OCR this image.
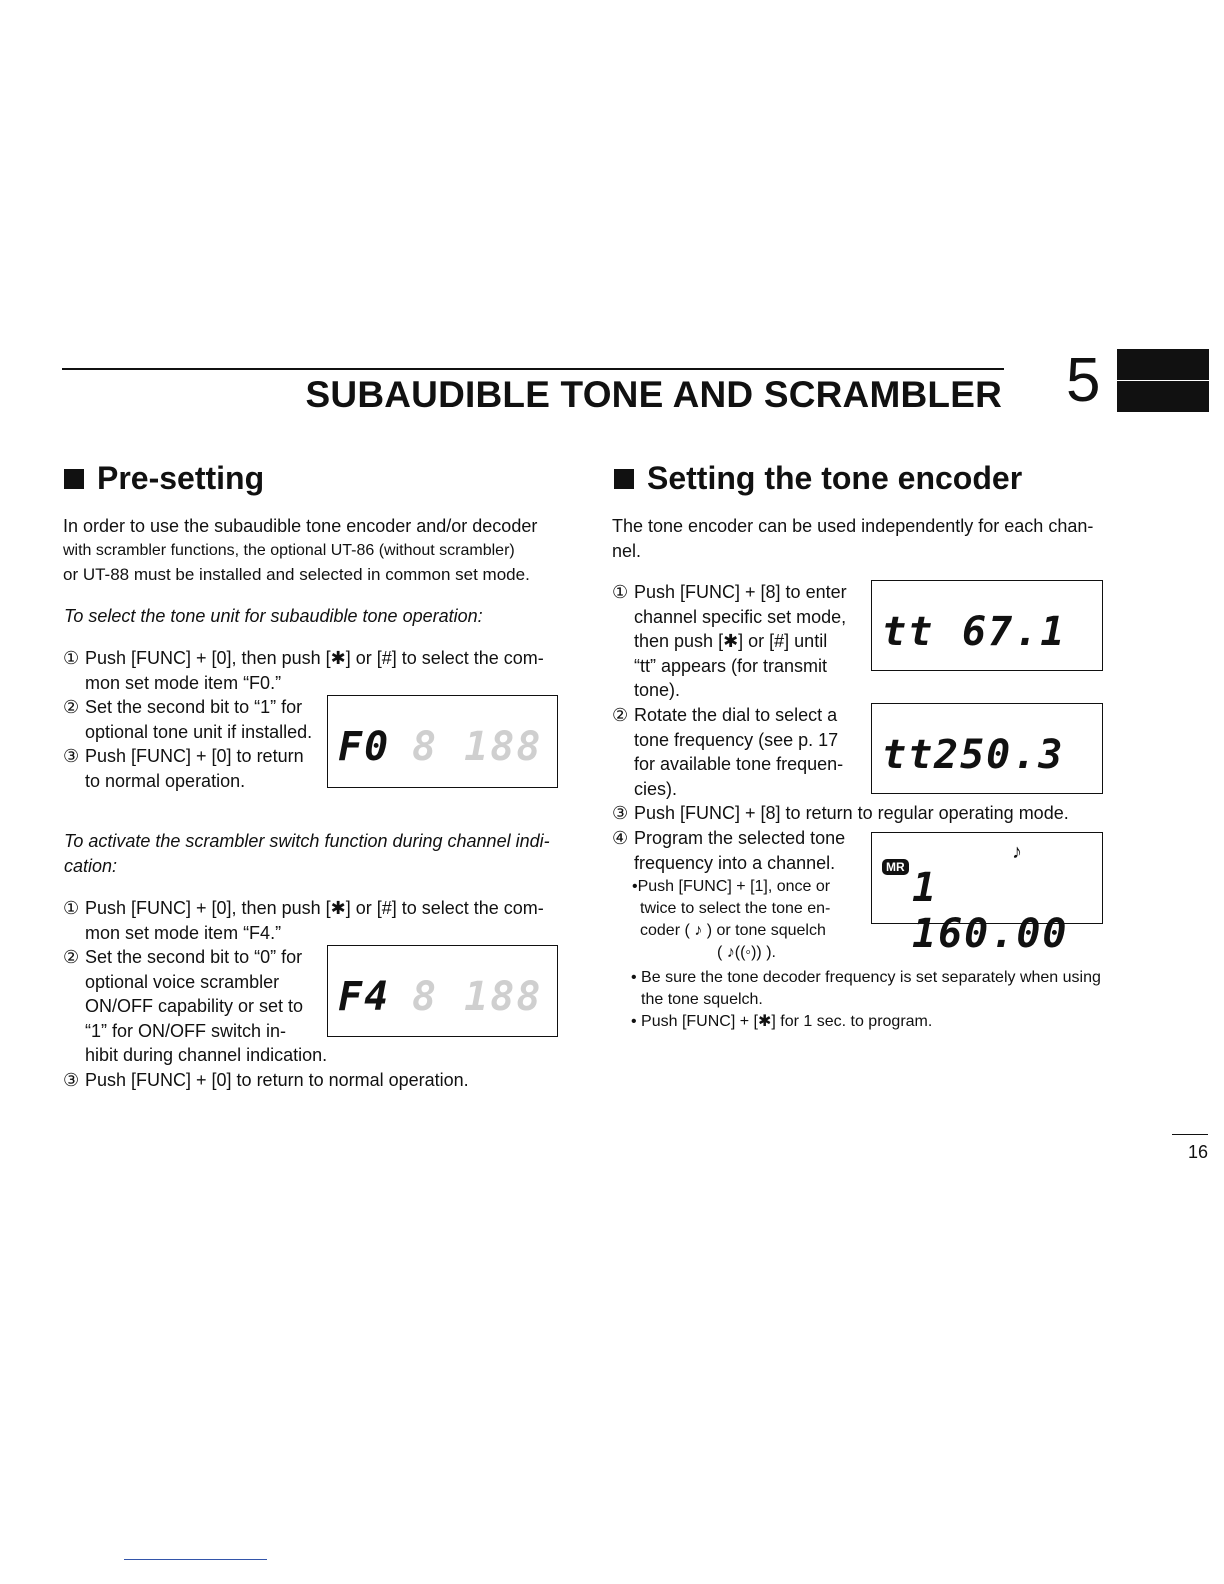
SUBAUDIBLE TONE AND SCRAMBLER 5
Pre-setting
In order to use the subaudible tone encoder and/or decoder
with scrambler functions, the optional UT-86 (without scrambler)
or UT-88 must be installed and selected in common set mode.
To select the tone unit for subaudible tone operation:
① Push [FUNC] + [0], then push [✱] or [#] to select the com-
mon set mode item “F0.”
② Set the second bit to “1” for
optional tone unit if installed.
③ Push [FUNC] + [0] to return
to normal operation.
F0 8 188
To activate the scrambler switch function during channel indi-
cation:
① Push [FUNC] + [0], then push [✱] or [#] to select the com-
mon set mode item “F4.”
② Set the second bit to “0” for
optional voice scrambler
ON/OFF capability or set to
“1” for ON/OFF switch in-
hibit during channel indication.
③ Push [FUNC] + [0] to return to normal operation.
F4 8 188
Setting the tone encoder
The tone encoder can be used independently for each chan-
nel.
① Push [FUNC] + [8] to enter
channel specific set mode,
then push [✱] or [#] until
“tt” appears (for transmit
tone).
② Rotate the dial to select a
tone frequency (see p. 17
for available tone frequen-
cies).
③ Push [FUNC] + [8] to return to regular operating mode.
④ Program the selected tone
frequency into a channel.
•Push [FUNC] + [1], once or
twice to select the tone en-
coder ( ♪ ) or tone squelch
( ♪((◦)) ).
• Be sure the tone decoder frequency is set separately when using
the tone squelch.
• Push [FUNC] + [✱] for 1 sec. to program.
tt 67.1
tt 250.3
MR
♪
1 160.00
16
